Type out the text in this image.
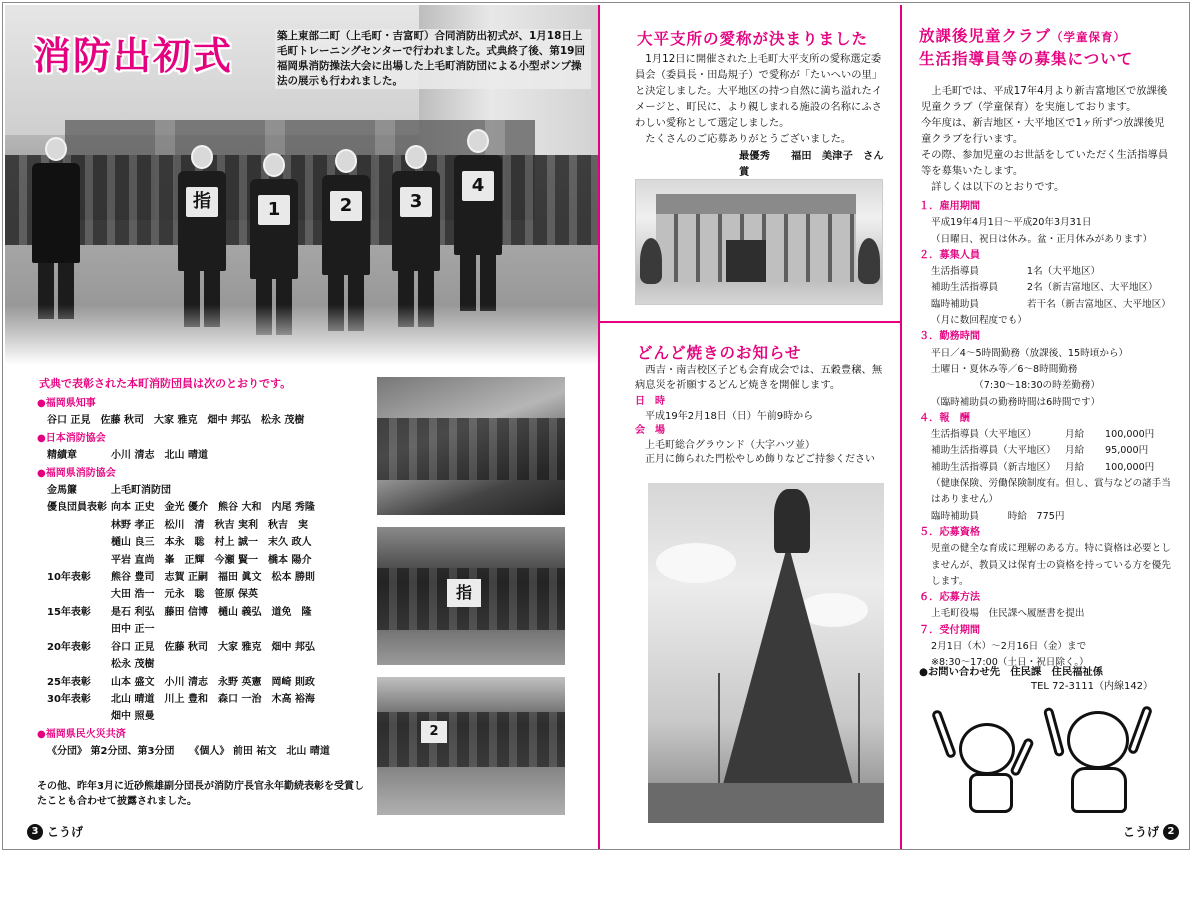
指	1	2	3
4
消防出初式	築上東部二町（上毛町・吉富町）合同消防出初式が、1月18日上毛町トレーニングセンターで行われました。式典終了後、第19回福岡県消防操法大会に出場した上毛町消防団による小型ポンプ操法の展示も行われました。
式典で表彰された本町消防団員は次のとおりです。
●福岡県知事
谷口 正見　佐藤 秋司　大家 雅克　畑中 邦弘　松永 茂樹
●日本消防協会
精績章	小川 清志　北山 晴道
●福岡県消防協会
金馬簾	上毛町消防団
優良団員表彰 向本 正史　金光 優介　熊谷 大和　内尾 秀隆
林野 孝正　松川　清　秋吉 実利　秋吉　実
樋山 良三　本永　聡　村上 誠一　末久 政人
平岩 直尚　峯　正輝　今瀬 賢一　橋本 陽介
10年表彰	熊谷 豊司　志賀 正嗣　福田 眞文　松本 勝則
大田 浩一　元永　聡　笹原 保英
15年表彰	是石 利弘　藤田 信博　樋山 義弘　道免　隆
田中 正一
20年表彰	谷口 正見　佐藤 秋司　大家 雅克　畑中 邦弘
松永 茂樹
25年表彰	山本 盛文　小川 清志　永野 英憲　岡崎 則政
30年表彰	北山 晴道　川上 豊和　森口 一治　木高 裕海
畑中 照曼
●福岡県民火災共済
《分団》 第2分団、第3分団　　《個人》 前田 祐文　北山 晴道
その他、昨年3月に近砂熊雄副分団長が消防庁長官永年勤続表彰を受賞したことも合わせて披露されました。
指
2
3 こうげ
大平支所の愛称が決まりました
　1月12日に開催された上毛町大平支所の愛称選定委員会（委員長・田島規子）で愛称が「たいへいの里」と決定しました。大平地区の持つ自然に満ち溢れたイメージと、町民に、より親しまれる施設の名称にふさわしい愛称として選定しました。
　たくさんのご応募ありがとうございました。
最優秀賞
福田　美津子　さん
どんど焼きのお知らせ
　西吉・南吉校区子ども会育成会では、五穀豊穣、無病息災を祈願するどんど焼きを開催します。
日　時
平成19年2月18日（日）午前9時から
会　場
上毛町総合グラウンド（大字ハツ並）
正月に飾られた門松やしめ飾りなどご持参ください
放課後児童クラブ（学童保育）
生活指導員等の募集について
　上毛町では、平成17年4月より新吉富地区で放課後児童クラブ（学童保育）を実施しております。
今年度は、新吉地区・大平地区で1ヶ所ずつ放課後児童クラブを行います。
その際、参加児童のお世話をしていただく生活指導員等を募集いたします。
　詳しくは以下のとおりです。
１．雇用期間
平成19年4月1日～平成20年3月31日
（日曜日、祝日は休み。盆・正月休みがあります）
２．募集人員
生活指導員　　　　　1名（大平地区）
補助生活指導員　　　2名（新吉富地区、大平地区）
臨時補助員　　　　　若干名（新吉富地区、大平地区）
（月に数回程度でも）
３．勤務時間
平日／4～5時間勤務（放課後、15時頃から）
土曜日・夏休み等／6～8時間勤務
　　　　　（7:30～18:30の時差勤務）
（臨時補助員の勤務時間は6時間です）
４．報　酬
生活指導員（大平地区）	月給	100,000円
補助生活指導員（大平地区） 月給	95,000円
補助生活指導員（新吉地区） 月給	100,000円
（健康保険、労働保険制度有。但し、賞与などの諸手当はありません）
臨時補助員　　　時給　775円
５．応募資格
児童の健全な育成に理解のある方。特に資格は必要としませんが、教員又は保育士の資格を持っている方を優先します。
６．応募方法
上毛町役場　住民課へ履歴書を提出
７．受付期間
2月1日（木）～2月16日（金）まで
※8:30～17:00（土日・祝日除く。）
●お問い合わせ先　 住民課　住民福祉係
TEL 72-3111（内線142）
こうげ 2
